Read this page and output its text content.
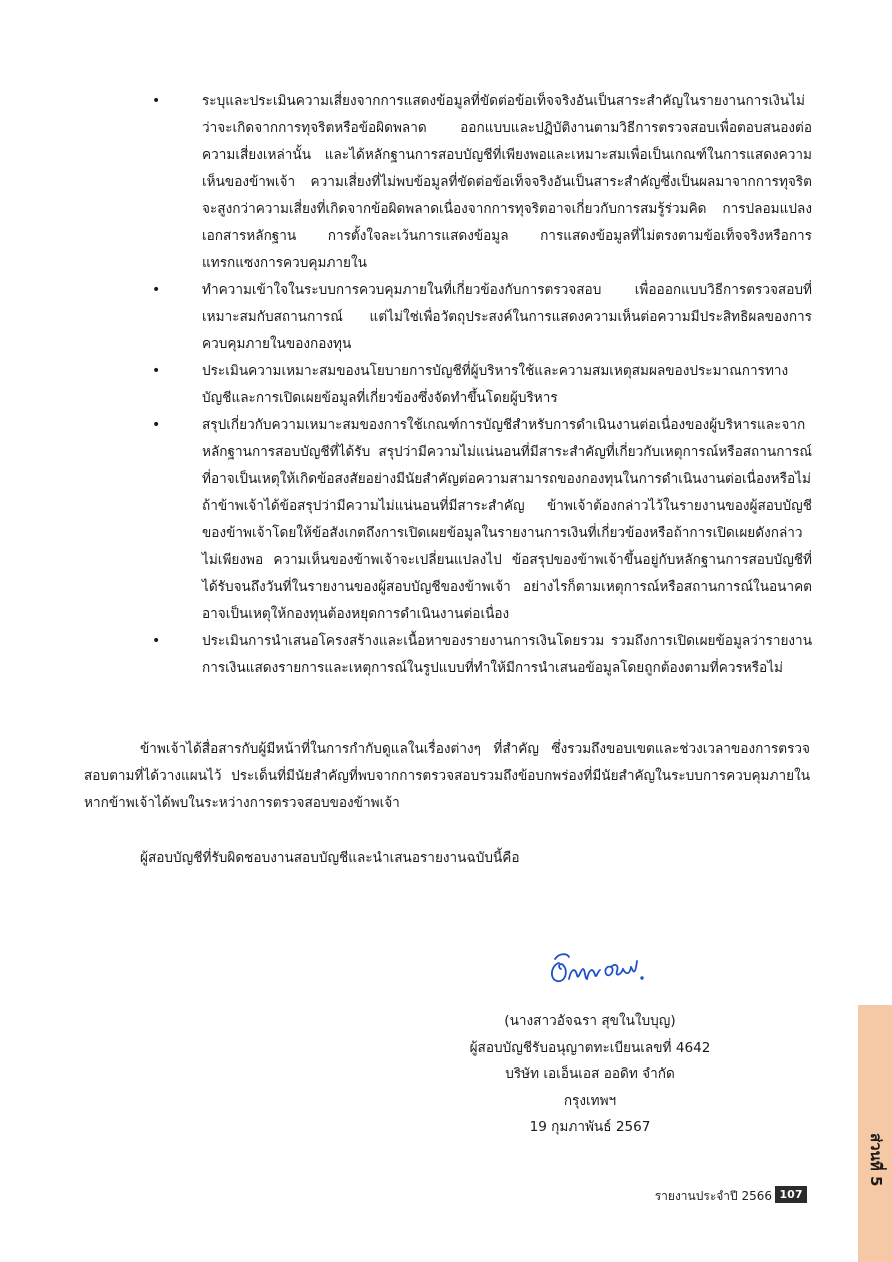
•	ระบุและประเมินความเสี่ยงจากการแสดงข้อมูลที่ขัดต่อข้อเท็จจริงอันเป็นสาระสำคัญในรายงานการเงินไม่ว่าจะเกิดจากการทุจริตหรือข้อผิดพลาด ออกแบบและปฏิบัติงานตามวิธีการตรวจสอบเพื่อตอบสนองต่อความเสี่ยงเหล่านั้น และได้หลักฐานการสอบบัญชีที่เพียงพอและเหมาะสมเพื่อเป็นเกณฑ์ในการแสดงความเห็นของข้าพเจ้า ความเสี่ยงที่ไม่พบข้อมูลที่ขัดต่อข้อเท็จจริงอันเป็นสาระสำคัญซึ่งเป็นผลมาจากการทุจริตจะสูงกว่าความเสี่ยงที่เกิดจากข้อผิดพลาดเนื่องจากการทุจริตอาจเกี่ยวกับการสมรู้ร่วมคิด การปลอมแปลงเอกสารหลักฐาน การตั้งใจละเว้นการแสดงข้อมูล การแสดงข้อมูลที่ไม่ตรงตามข้อเท็จจริงหรือการแทรกแซงการควบคุมภายใน
•	ทำความเข้าใจในระบบการควบคุมภายในที่เกี่ยวข้องกับการตรวจสอบ เพื่อออกแบบวิธีการตรวจสอบที่เหมาะสมกับสถานการณ์ แต่ไม่ใช่เพื่อวัตถุประสงค์ในการแสดงความเห็นต่อความมีประสิทธิผลของการควบคุมภายในของกองทุน
•	ประเมินความเหมาะสมของนโยบายการบัญชีที่ผู้บริหารใช้และความสมเหตุสมผลของประมาณการทางบัญชีและการเปิดเผยข้อมูลที่เกี่ยวข้องซึ่งจัดทำขึ้นโดยผู้บริหาร
•	สรุปเกี่ยวกับความเหมาะสมของการใช้เกณฑ์การบัญชีสำหรับการดำเนินงานต่อเนื่องของผู้บริหารและจากหลักฐานการสอบบัญชีที่ได้รับ สรุปว่ามีความไม่แน่นอนที่มีสาระสำคัญที่เกี่ยวกับเหตุการณ์หรือสถานการณ์ที่อาจเป็นเหตุให้เกิดข้อสงสัยอย่างมีนัยสำคัญต่อความสามารถของกองทุนในการดำเนินงานต่อเนื่องหรือไม่ ถ้าข้าพเจ้าได้ข้อสรุปว่ามีความไม่แน่นอนที่มีสาระสำคัญ ข้าพเจ้าต้องกล่าวไว้ในรายงานของผู้สอบบัญชีของข้าพเจ้าโดยให้ข้อสังเกตถึงการเปิดเผยข้อมูลในรายงานการเงินที่เกี่ยวข้องหรือถ้าการเปิดเผยดังกล่าวไม่เพียงพอ ความเห็นของข้าพเจ้าจะเปลี่ยนแปลงไป ข้อสรุปของข้าพเจ้าขึ้นอยู่กับหลักฐานการสอบบัญชีที่ได้รับจนถึงวันที่ในรายงานของผู้สอบบัญชีของข้าพเจ้า อย่างไรก็ตามเหตุการณ์หรือสถานการณ์ในอนาคตอาจเป็นเหตุให้กองทุนต้องหยุดการดำเนินงานต่อเนื่อง
•	ประเมินการนำเสนอโครงสร้างและเนื้อหาของรายงานการเงินโดยรวม รวมถึงการเปิดเผยข้อมูลว่ารายงานการเงินแสดงรายการและเหตุการณ์ในรูปแบบที่ทำให้มีการนำเสนอข้อมูลโดยถูกต้องตามที่ควรหรือไม่

ข้าพเจ้าได้สื่อสารกับผู้มีหน้าที่ในการกำกับดูแลในเรื่องต่างๆ ที่สำคัญ ซึ่งรวมถึงขอบเขตและช่วงเวลาของการตรวจสอบตามที่ได้วางแผนไว้ ประเด็นที่มีนัยสำคัญที่พบจากการตรวจสอบรวมถึงข้อบกพร่องที่มีนัยสำคัญในระบบการควบคุมภายในหากข้าพเจ้าได้พบในระหว่างการตรวจสอบของข้าพเจ้า

ผู้สอบบัญชีที่รับผิดชอบงานสอบบัญชีและนำเสนอรายงานฉบับนี้คือ

(นางสาวอัจฉรา สุขในใบบุญ)
ผู้สอบบัญชีรับอนุญาตทะเบียนเลขที่ 4642
บริษัท เอเอ็นเอส ออดิท จำกัด
กรุงเทพฯ
19 กุมภาพันธ์ 2567
รายงานประจำปี 2566 107
ส่วนที่ 5
